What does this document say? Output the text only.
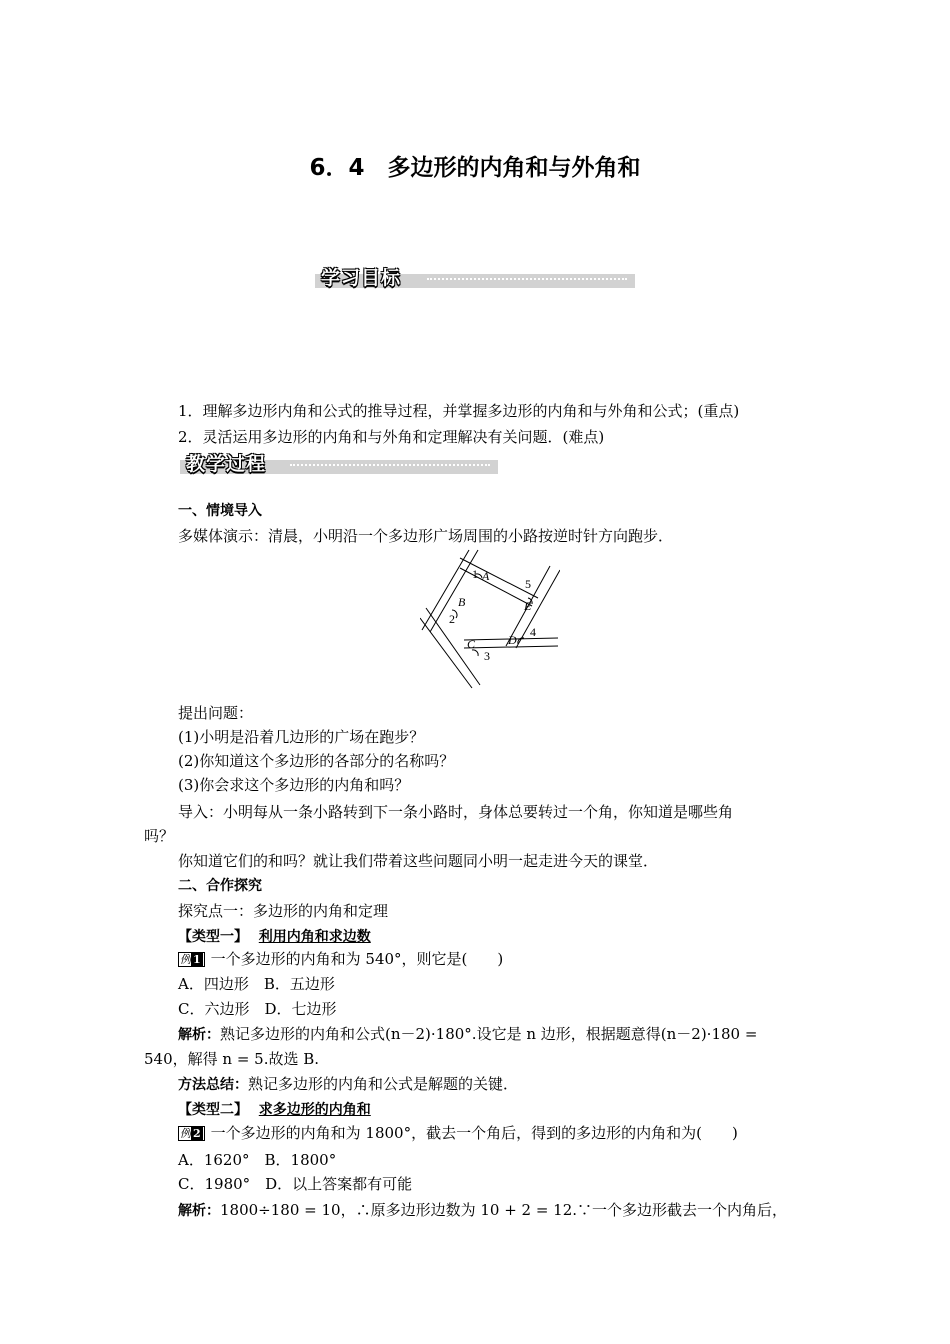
6．4　多边形的内角和与外角和
学习目标
1．理解多边形内角和公式的推导过程，并掌握多边形的内角和与外角和公式；(重点)
2．灵活运用多边形的内角和与外角和定理解决有关问题．(难点)
教学过程
一、情境导入
多媒体演示：清晨，小明沿一个多边形广场周围的小路按逆时针方向跑步．
1 A
5
E
B
2
4
D
C
3
提出问题：
(1)小明是沿着几边形的广场在跑步？
(2)你知道这个多边形的各部分的名称吗？
(3)你会求这个多边形的内角和吗？
导入：小明每从一条小路转到下一条小路时，身体总要转过一个角，你知道是哪些角
吗？
你知道它们的和吗？就让我们带着这些问题同小明一起走进今天的课堂．
二、合作探究
探究点一：多边形的内角和定理
【类型一】 利用内角和求边数
例 1 一个多边形的内角和为 540°，则它是(　　)
A．四边形　B．五边形
C．六边形　D．七边形
解析：熟记多边形的内角和公式(n－2)·180°.设它是 n 边形，根据题意得(n－2)·180 =
540，解得 n = 5.故选 B.
方法总结：熟记多边形的内角和公式是解题的关键．
【类型二】 求多边形的内角和
例 2 一个多边形的内角和为 1800°，截去一个角后，得到的多边形的内角和为(　　)
A．1620°　B．1800°
C．1980°　D．以上答案都有可能
解析：1800÷180 = 10，∴原多边形边数为 10 + 2 = 12.∵一个多边形截去一个内角后，
